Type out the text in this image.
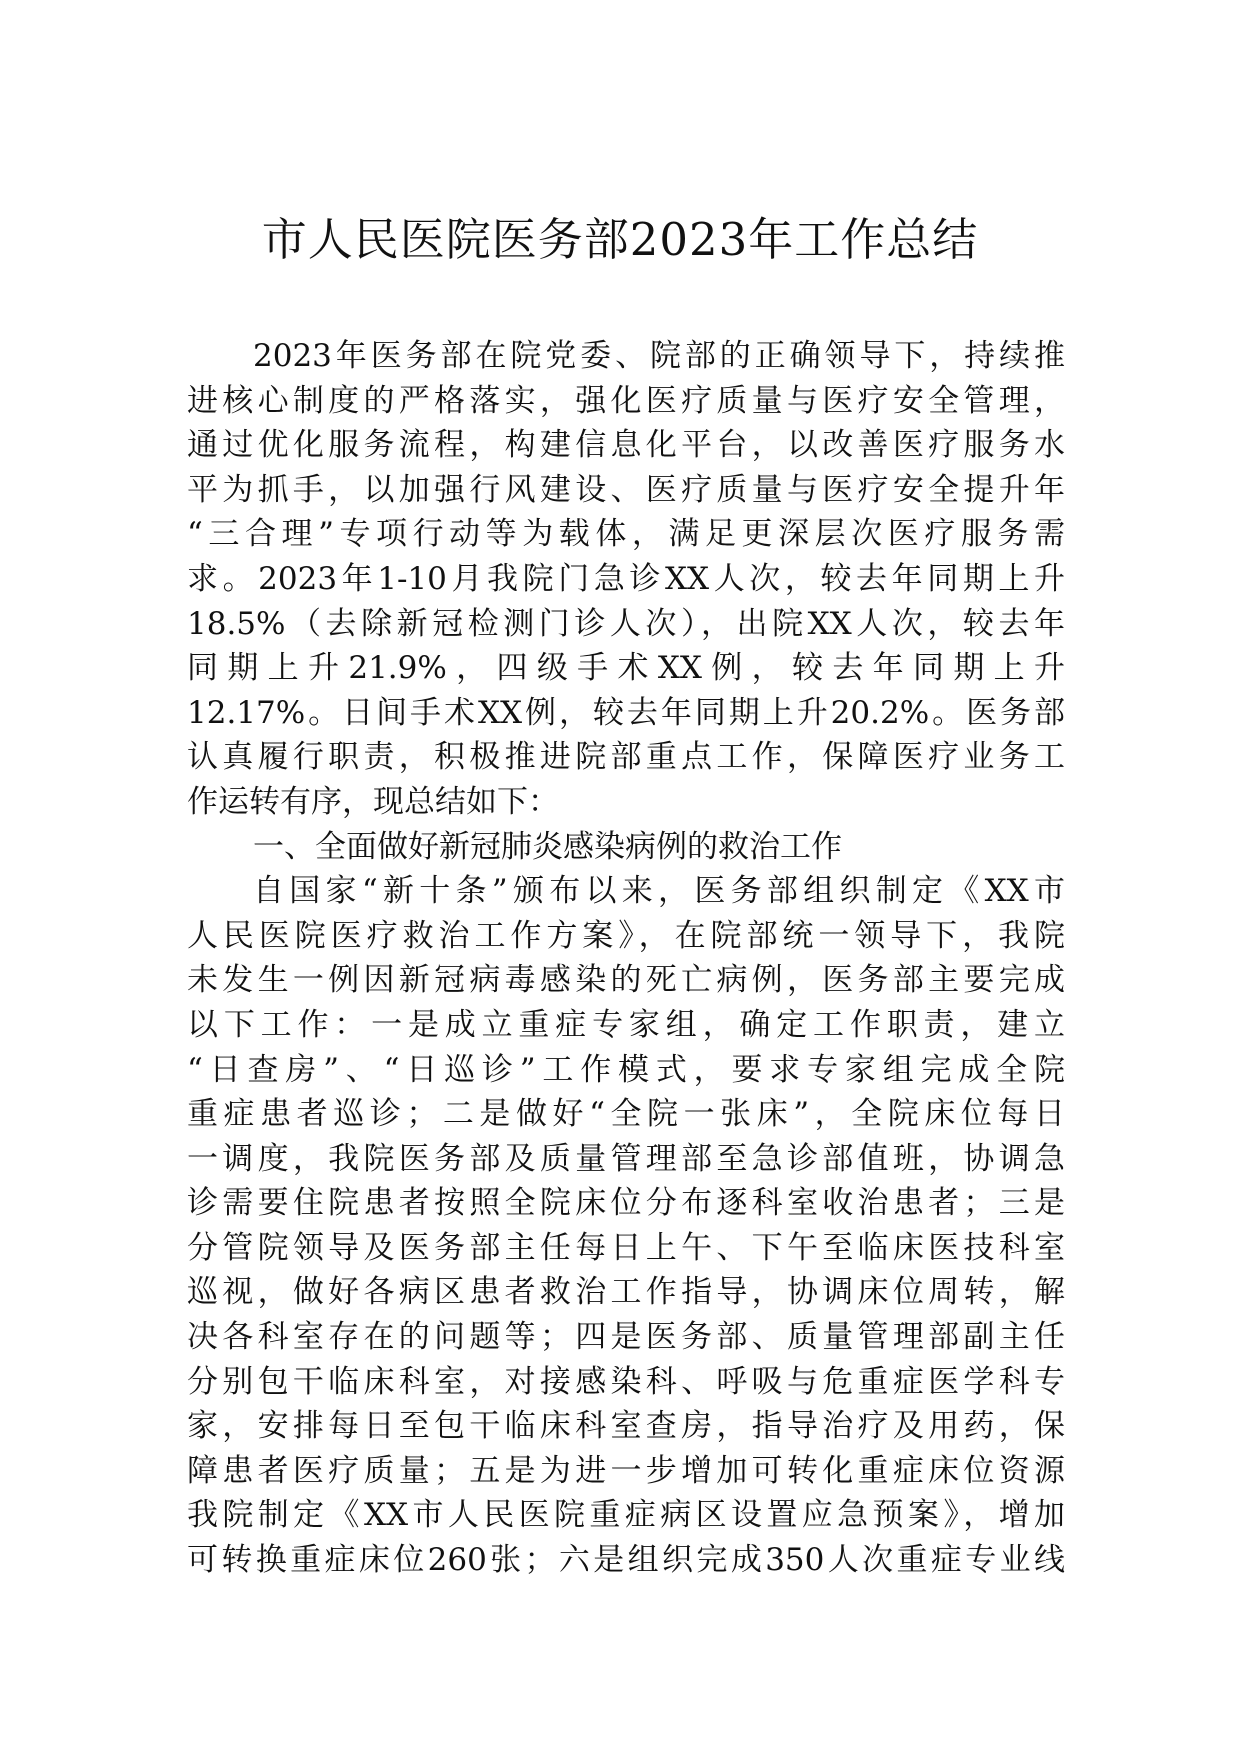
市人民医院医务部2023年工作总结
2023年医务部在院党委、院部的正确领导下，持续推
进核心制度的严格落实，强化医疗质量与医疗安全管理，
通过优化服务流程，构建信息化平台，以改善医疗服务水
平为抓手，以加强行风建设、医疗质量与医疗安全提升年
“三合理”专项行动等为载体，满足更深层次医疗服务需
求。2023年1-10月我院门急诊XX人次，较去年同期上升
18.5%（去除新冠检测门诊人次），出院XX人次，较去年
同期上升21.9%，四级手术XX例，较去年同期上升
12.17%。日间手术XX例，较去年同期上升20.2%。医务部
认真履行职责，积极推进院部重点工作，保障医疗业务工
作运转有序，现总结如下：
一、全面做好新冠肺炎感染病例的救治工作
自国家“新十条”颁布以来，医务部组织制定《XX市
人民医院医疗救治工作方案》，在院部统一领导下，我院
未发生一例因新冠病毒感染的死亡病例，医务部主要完成
以下工作：一是成立重症专家组，确定工作职责，建立
“日查房”、“日巡诊”工作模式，要求专家组完成全院
重症患者巡诊；二是做好“全院一张床”，全院床位每日
一调度，我院医务部及质量管理部至急诊部值班，协调急
诊需要住院患者按照全院床位分布逐科室收治患者；三是
分管院领导及医务部主任每日上午、下午至临床医技科室
巡视，做好各病区患者救治工作指导，协调床位周转，解
决各科室存在的问题等；四是医务部、质量管理部副主任
分别包干临床科室，对接感染科、呼吸与危重症医学科专
家，安排每日至包干临床科室查房，指导治疗及用药，保
障患者医疗质量；五是为进一步增加可转化重症床位资源
我院制定《XX市人民医院重症病区设置应急预案》，增加
可转换重症床位260张；六是组织完成350人次重症专业线
